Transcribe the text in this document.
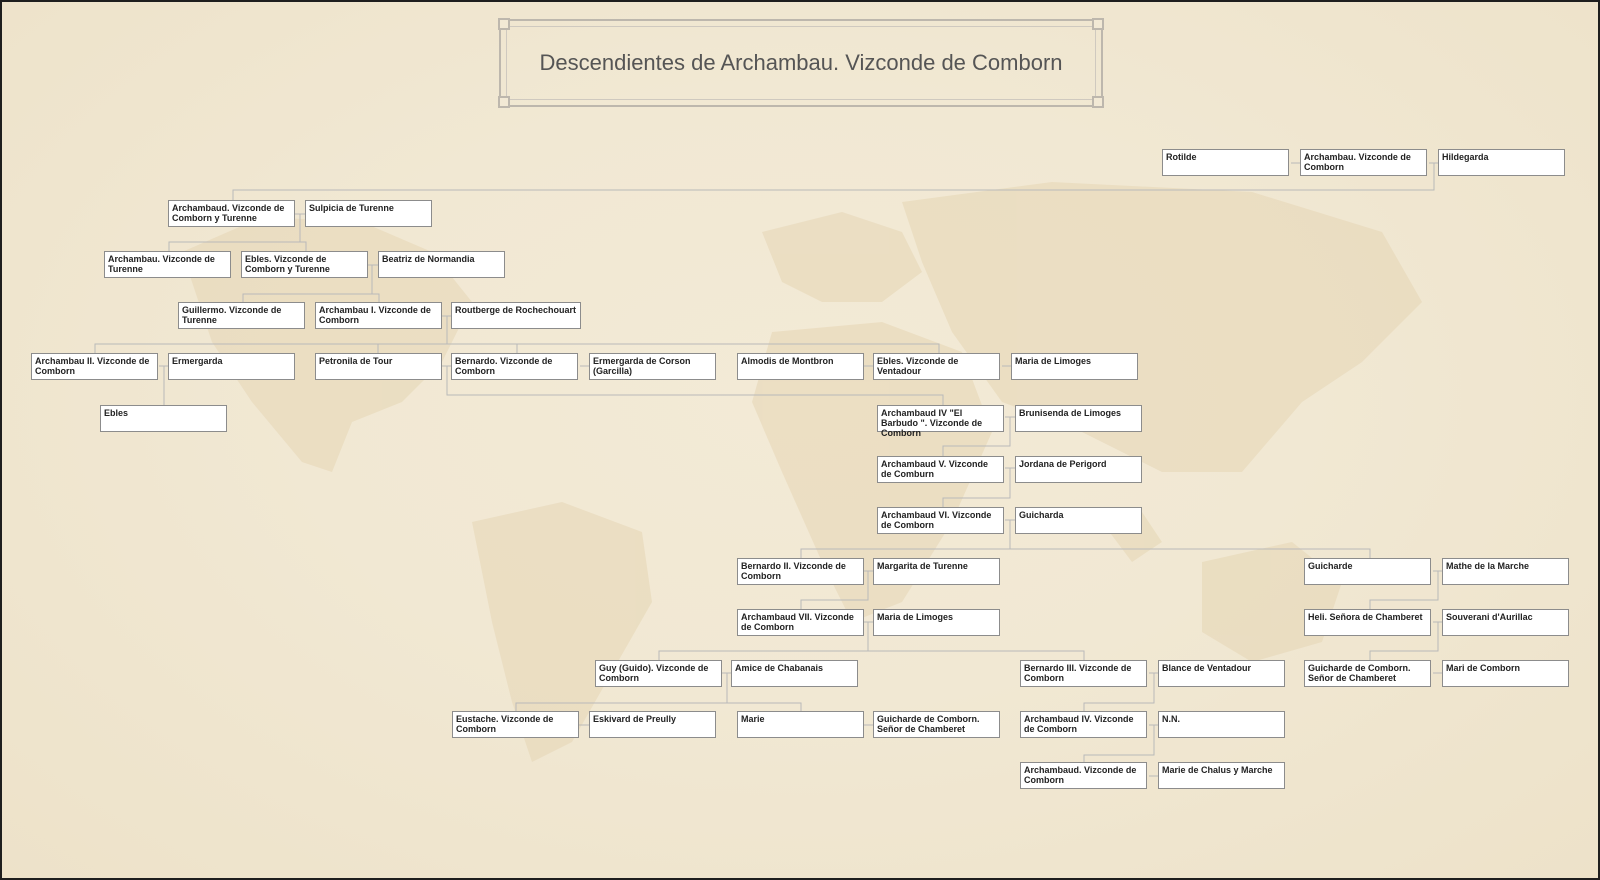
Descendientes de Archambau. Vizconde de Comborn
Rotilde	Archambau. Vizconde de Comborn
Hildegarda
Archambaud. Vizconde de Comborn y Turenne
Sulpicia de Turenne
Archambau. Vizconde de Turenne
Ebles. Vizconde de Comborn y Turenne
Beatriz de Normandia
Guillermo. Vizconde de Turenne
Archambau I. Vizconde de Comborn
Routberge de Rochechouart
Archambau II. Vizconde de Comborn
Ermergarda	Petronila de Tour	Bernardo. Vizconde de Comborn
Ermergarda de Corson (Garcilla)
Almodis de Montbron	Ebles. Vizconde de Ventadour
Maria de Limoges
Ebles	Archambaud IV "El Barbudo ". Vizconde de Comborn
Brunisenda de Limoges
Archambaud V. Vizconde de Comburn
Jordana de Perigord
Archambaud VI. Vizconde de Comborn
Guicharda
Bernardo II. Vizconde de Comborn
Margarita de Turenne	Guicharde	Mathe de la Marche
Archambaud VII. Vizconde de Comborn
Maria de Limoges	Heli. Señora de Chamberet	Souverani d'Aurillac
Guy (Guido). Vizconde de Comborn
Amice de Chabanais	Bernardo III. Vizconde de Comborn
Blance de Ventadour	Guicharde de Comborn. Señor de Chamberet
Mari de Comborn
Eustache. Vizconde de Comborn
Eskivard de Preully	Marie	Guicharde de Comborn. Señor de Chamberet
Archambaud IV. Vizconde de Comborn
N.N.
Archambaud. Vizconde de Comborn
Marie de Chalus y Marche
